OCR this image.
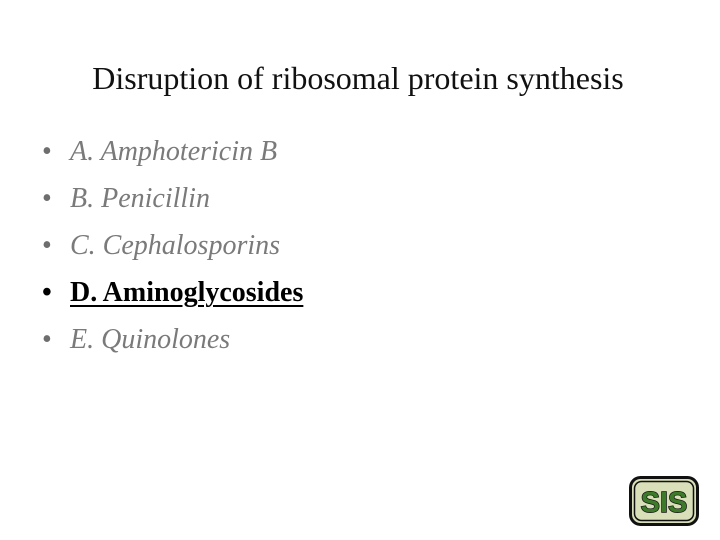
Disruption of ribosomal protein synthesis
• A. Amphotericin B
• B. Penicillin
• C. Cephalosporins
• D. Aminoglycosides
• E. Quinolones
SIS
